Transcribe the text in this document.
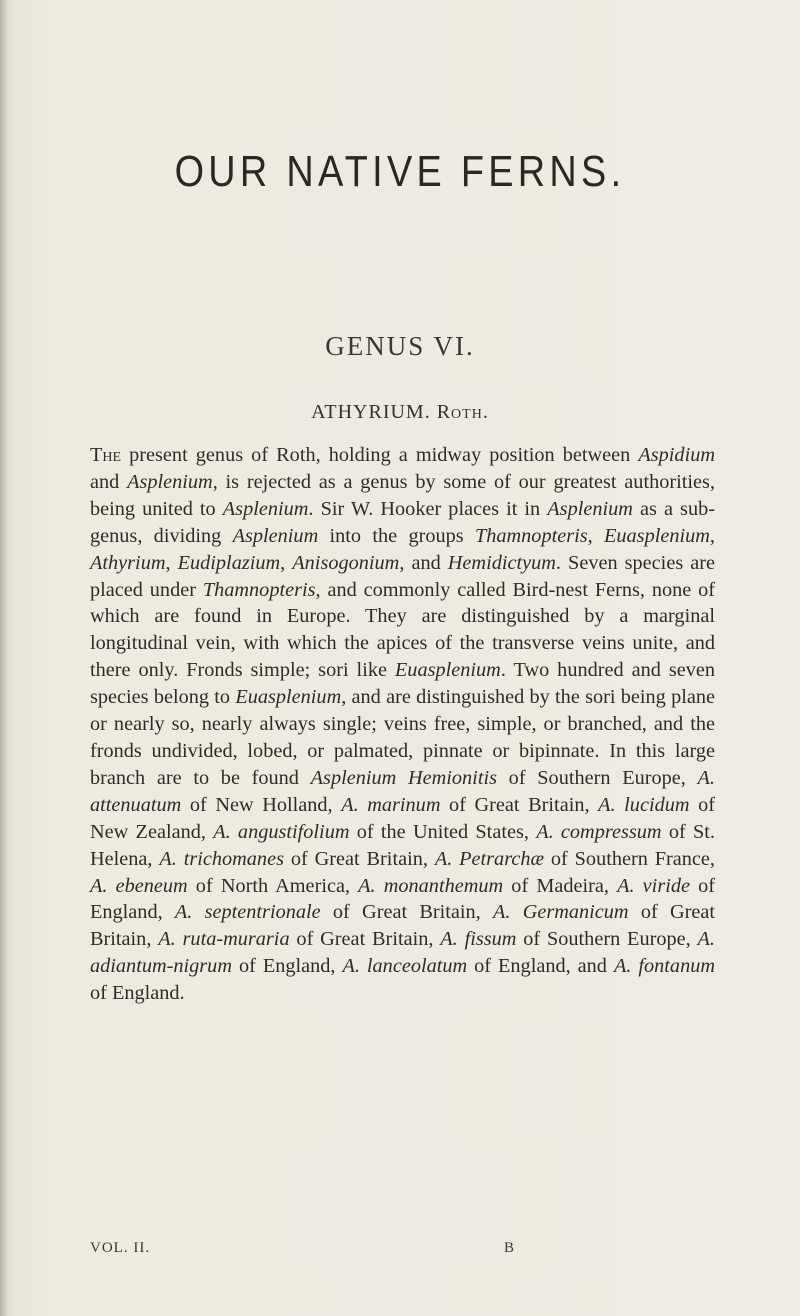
OUR NATIVE FERNS.
GENUS VI.
ATHYRIUM. Roth.
The present genus of Roth, holding a midway position between Aspidium and Asplenium, is rejected as a genus by some of our greatest authorities, being united to Asplenium. Sir W. Hooker places it in Asplenium as a sub-genus, dividing Asplenium into the groups Thamnopteris, Euasplenium, Athyrium, Eudiplazium, Anisogonium, and Hemidictyum. Seven species are placed under Thamnopteris, and commonly called Bird-nest Ferns, none of which are found in Europe. They are distinguished by a marginal longitudinal vein, with which the apices of the transverse veins unite, and there only. Fronds simple; sori like Euasplenium. Two hundred and seven species belong to Euasplenium, and are distinguished by the sori being plane or nearly so, nearly always single; veins free, simple, or branched, and the fronds undivided, lobed, or palmated, pinnate or bipinnate. In this large branch are to be found Asplenium Hemionitis of Southern Europe, A. attenuatum of New Holland, A. marinum of Great Britain, A. lucidum of New Zealand, A. angustifolium of the United States, A. compressum of St. Helena, A. trichomanes of Great Britain, A. Petrarchæ of Southern France, A. ebeneum of North America, A. monanthemum of Madeira, A. viride of England, A. septentrionale of Great Britain, A. Germanicum of Great Britain, A. ruta-muraria of Great Britain, A. fissum of Southern Europe, A. adiantum-nigrum of England, A. lanceolatum of England, and A. fontanum of England.
VOL. II.	B
